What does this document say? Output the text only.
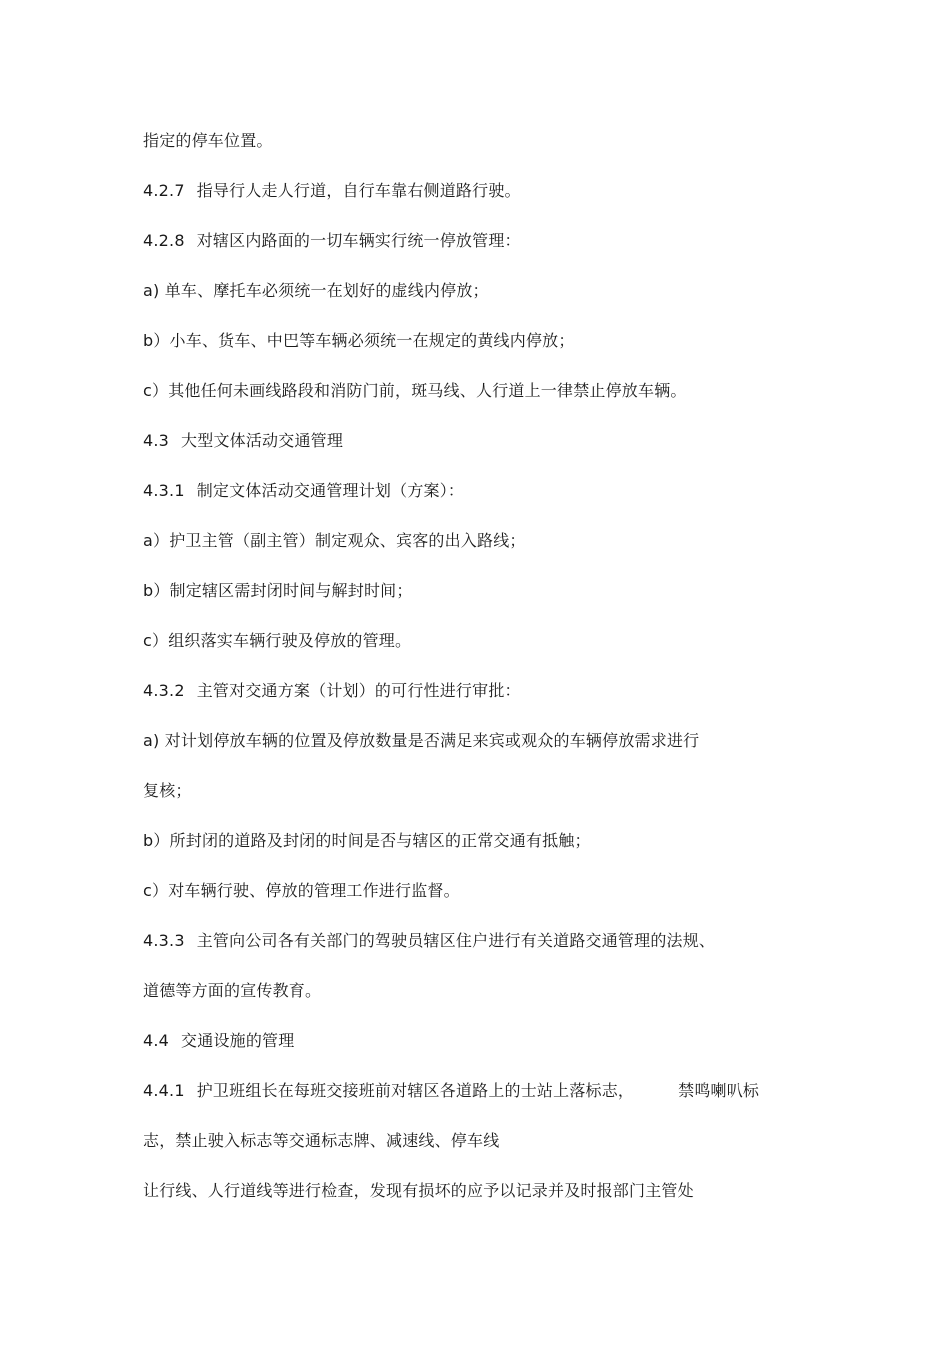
指定的停车位置。
4.2.7 指导行人走人行道，自行车靠右侧道路行驶。
4.2.8 对辖区内路面的一切车辆实行统一停放管理：
a) 单车、摩托车必须统一在划好的虚线内停放；
b）小车、货车、中巴等车辆必须统一在规定的黄线内停放；
c）其他任何未画线路段和消防门前，斑马线、人行道上一律禁止停放车辆。
4.3 大型文体活动交通管理
4.3.1 制定文体活动交通管理计划（方案）：
a）护卫主管（副主管）制定观众、宾客的出入路线；
b）制定辖区需封闭时间与解封时间；
c）组织落实车辆行驶及停放的管理。
4.3.2 主管对交通方案（计划）的可行性进行审批：
a) 对计划停放车辆的位置及停放数量是否满足来宾或观众的车辆停放需求进行
复核；
b）所封闭的道路及封闭的时间是否与辖区的正常交通有抵触；
c）对车辆行驶、停放的管理工作进行监督。
4.3.3 主管向公司各有关部门的驾驶员辖区住户进行有关道路交通管理的法规、
道德等方面的宣传教育。
4.4 交通设施的管理
4.4.1 护卫班组长在每班交接班前对辖区各道路上的士站上落标志，	禁鸣喇叭标
志，禁止驶入标志等交通标志牌、减速线、停车线
让行线、人行道线等进行检查，发现有损坏的应予以记录并及时报部门主管处
